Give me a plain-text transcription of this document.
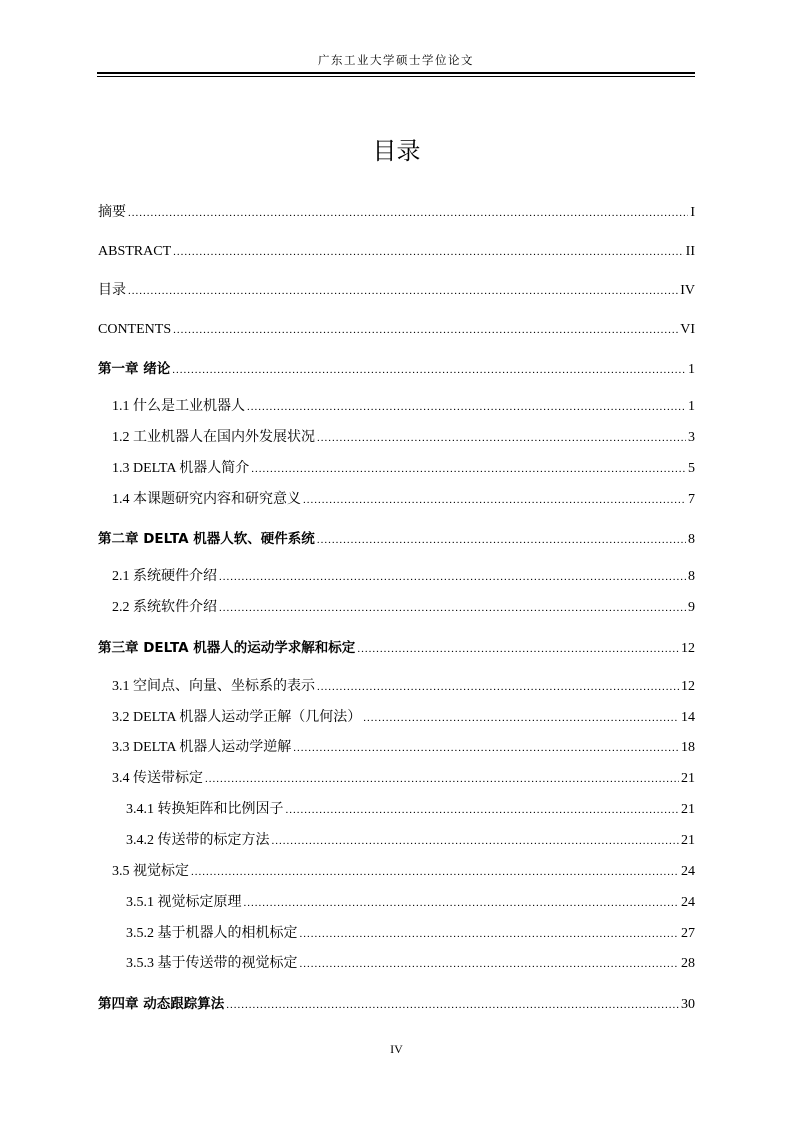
广东工业大学硕士学位论文
目录
摘要 .....	I
ABSTRACT .....	II
目录 .....	IV
CONTENTS .....	VI
第一章 绪论 .....	1
1.1 什么是工业机器人 .....	1
1.2 工业机器人在国内外发展状况 .....	3
1.3 DELTA 机器人简介 .....	5
1.4 本课题研究内容和研究意义 .....	7
第二章 DELTA 机器人软、硬件系统 .....	8
2.1 系统硬件介绍 .....	8
2.2 系统软件介绍 .....	9
第三章 DELTA 机器人的运动学求解和标定 .....	12
3.1 空间点、向量、坐标系的表示 .....	12
3.2 DELTA 机器人运动学正解（几何法） .....	14
3.3 DELTA 机器人运动学逆解 .....	18
3.4 传送带标定 .....	21
3.4.1 转换矩阵和比例因子 .....	21
3.4.2 传送带的标定方法 .....	21
3.5 视觉标定 .....	24
3.5.1 视觉标定原理 .....	24
3.5.2 基于机器人的相机标定 .....	27
3.5.3 基于传送带的视觉标定 .....	28
第四章 动态跟踪算法 .....	30
IV
